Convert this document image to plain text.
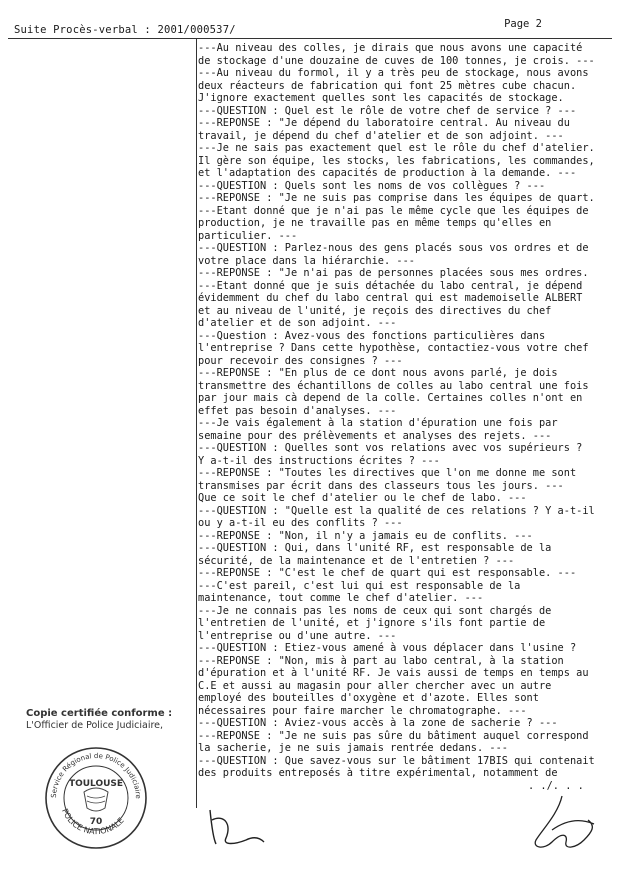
Suite Procès-verbal : 2001/000537/	Page 2
---Au niveau des colles, je dirais que nous avons une capacité
de stockage d'une douzaine de cuves de 100 tonnes, je crois. ---
---Au niveau du formol, il y a très peu de stockage, nous avons
deux réacteurs de fabrication qui font 25 mètres cube chacun.
J'ignore exactement quelles sont les capacités de stockage.
---QUESTION : Quel est le rôle de votre chef de service ? ---
---REPONSE : "Je dépend du laboratoire central. Au niveau du
travail, je dépend du chef d'atelier et de son adjoint. ---
---Je ne sais pas exactement quel est le rôle du chef d'atelier.
Il gère son équipe, les stocks, les fabrications, les commandes,
et l'adaptation des capacités de production à la demande. ---
---QUESTION : Quels sont les noms de vos collègues ? ---
---REPONSE : "Je ne suis pas comprise dans les équipes de quart.
---Etant donné que je n'ai pas le même cycle que les équipes de
production, je ne travaille pas en même temps qu'elles en
particulier. ---
---QUESTION : Parlez-nous des gens placés sous vos ordres et de
votre place dans la hiérarchie. ---
---REPONSE : "Je n'ai pas de personnes placées sous mes ordres.
---Etant donné que je suis détachée du labo central, je dépend
évidemment du chef du labo central qui est mademoiselle ALBERT
et au niveau de l'unité, je reçois des directives du chef
d'atelier et de son adjoint. ---
---Question : Avez-vous des fonctions particulières dans
l'entreprise ? Dans cette hypothèse, contactiez-vous votre chef
pour recevoir des consignes ? ---
---REPONSE : "En plus de ce dont nous avons parlé, je dois
transmettre des échantillons de colles au labo central une fois
par jour mais cà depend de la colle. Certaines colles n'ont en
effet pas besoin d'analyses. ---
---Je vais également à la station d'épuration une fois par
semaine pour des prélèvements et analyses des rejets. ---
---QUESTION : Quelles sont vos relations avec vos supérieurs ?
Y a-t-il des instructions écrites ? ---
---REPONSE : "Toutes les directives que l'on me donne me sont
transmises par écrit dans des classeurs tous les jours. ---
Que ce soit le chef d'atelier ou le chef de labo. ---
---QUESTION : "Quelle est la qualité de ces relations ? Y a-t-il
ou y a-t-il eu des conflits ? ---
---REPONSE : "Non, il n'y a jamais eu de conflits. ---
---QUESTION : Qui, dans l'unité RF, est responsable de la
sécurité, de la maintenance et de l'entretien ? ---
---REPONSE : "C'est le chef de quart qui est responsable. ---
---C'est pareil, c'est lui qui est responsable de la
maintenance, tout comme le chef d'atelier. ---
---Je ne connais pas les noms de ceux qui sont chargés de
l'entretien de l'unité, et j'ignore s'ils font partie de
l'entreprise ou d'une autre. ---
---QUESTION : Etiez-vous amené à vous déplacer dans l'usine ?
---REPONSE : "Non, mis à part au labo central, à la station
d'épuration et à l'unité RF. Je vais aussi de temps en temps au
C.E et aussi au magasin pour aller chercher avec un autre
employé des bouteilles d'oxygène et d'azote. Elles sont
nécessaires pour faire marcher le chromatographe. ---
---QUESTION : Aviez-vous accès à la zone de sacherie ? ---
---REPONSE : "Je ne suis pas sûre du bâtiment auquel correspond
la sacherie, je ne suis jamais rentrée dedans. ---
---QUESTION : Que savez-vous sur le bâtiment 17BIS qui contenait
des produits entreposés à titre expérimental, notamment de
. ./. . .
Copie certifiée conforme :
L'Officier de Police Judiciaire,
Service Régional de Police Judiciaire
TOULOUSE
70
POLICE NATIONALE
